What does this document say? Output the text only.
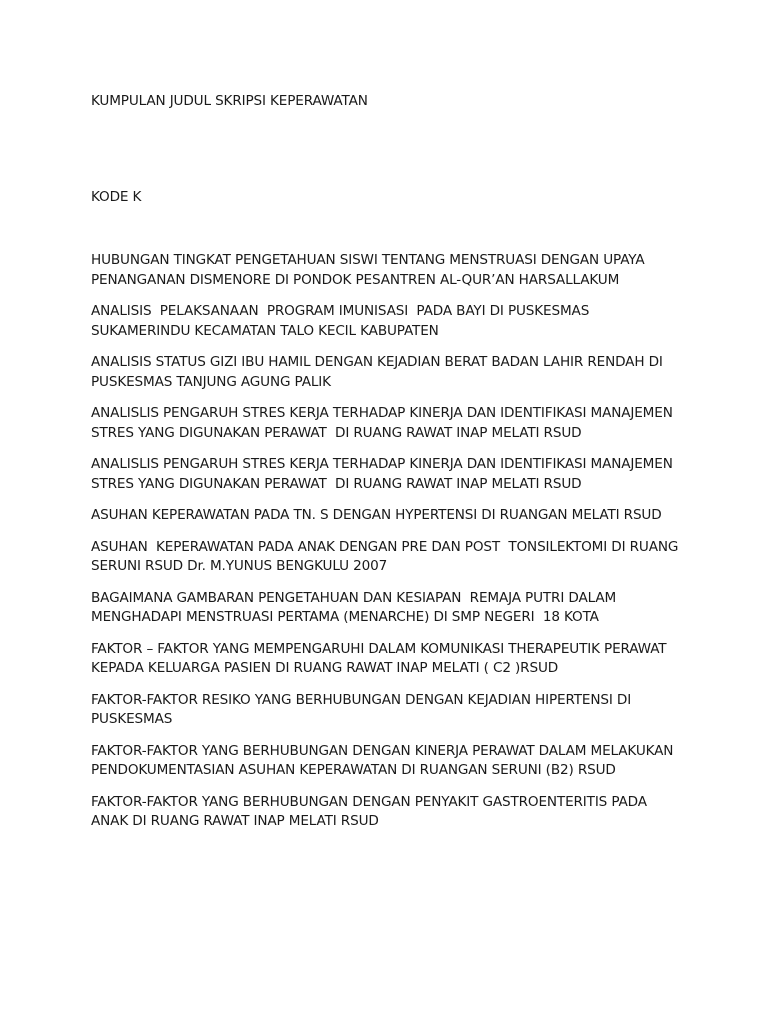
KUMPULAN JUDUL SKRIPSI KEPERAWATAN

KODE K

HUBUNGAN TINGKAT PENGETAHUAN SISWI TENTANG MENSTRUASI DENGAN UPAYA PENANGANAN DISMENORE DI PONDOK PESANTREN AL-QUR’AN HARSALLAKUM
ANALISIS  PELAKSANAAN  PROGRAM IMUNISASI  PADA BAYI DI PUSKESMAS SUKAMERINDU KECAMATAN TALO KECIL KABUPATEN
ANALISIS STATUS GIZI IBU HAMIL DENGAN KEJADIAN BERAT BADAN LAHIR RENDAH DI  PUSKESMAS TANJUNG AGUNG PALIK
ANALISLIS PENGARUH STRES KERJA TERHADAP KINERJA DAN IDENTIFIKASI MANAJEMEN STRES YANG DIGUNAKAN PERAWAT  DI RUANG RAWAT INAP MELATI RSUD
ANALISLIS PENGARUH STRES KERJA TERHADAP KINERJA DAN IDENTIFIKASI MANAJEMEN STRES YANG DIGUNAKAN PERAWAT  DI RUANG RAWAT INAP MELATI RSUD
ASUHAN KEPERAWATAN PADA TN. S DENGAN HYPERTENSI DI RUANGAN MELATI RSUD
ASUHAN  KEPERAWATAN PADA ANAK DENGAN PRE DAN POST  TONSILEKTOMI DI RUANG SERUNI RSUD Dr. M.YUNUS BENGKULU 2007
BAGAIMANA GAMBARAN PENGETAHUAN DAN KESIAPAN  REMAJA PUTRI DALAM MENGHADAPI MENSTRUASI PERTAMA (MENARCHE) DI SMP NEGERI  18 KOTA
FAKTOR – FAKTOR YANG MEMPENGARUHI DALAM KOMUNIKASI THERAPEUTIK PERAWAT KEPADA KELUARGA PASIEN DI RUANG RAWAT INAP MELATI ( C2 )RSUD
FAKTOR-FAKTOR RESIKO YANG BERHUBUNGAN DENGAN KEJADIAN HIPERTENSI DI PUSKESMAS
FAKTOR-FAKTOR YANG BERHUBUNGAN DENGAN KINERJA PERAWAT DALAM MELAKUKAN PENDOKUMENTASIAN ASUHAN KEPERAWATAN DI RUANGAN SERUNI (B2) RSUD
FAKTOR-FAKTOR YANG BERHUBUNGAN DENGAN PENYAKIT GASTROENTERITIS PADA ANAK DI RUANG RAWAT INAP MELATI RSUD
